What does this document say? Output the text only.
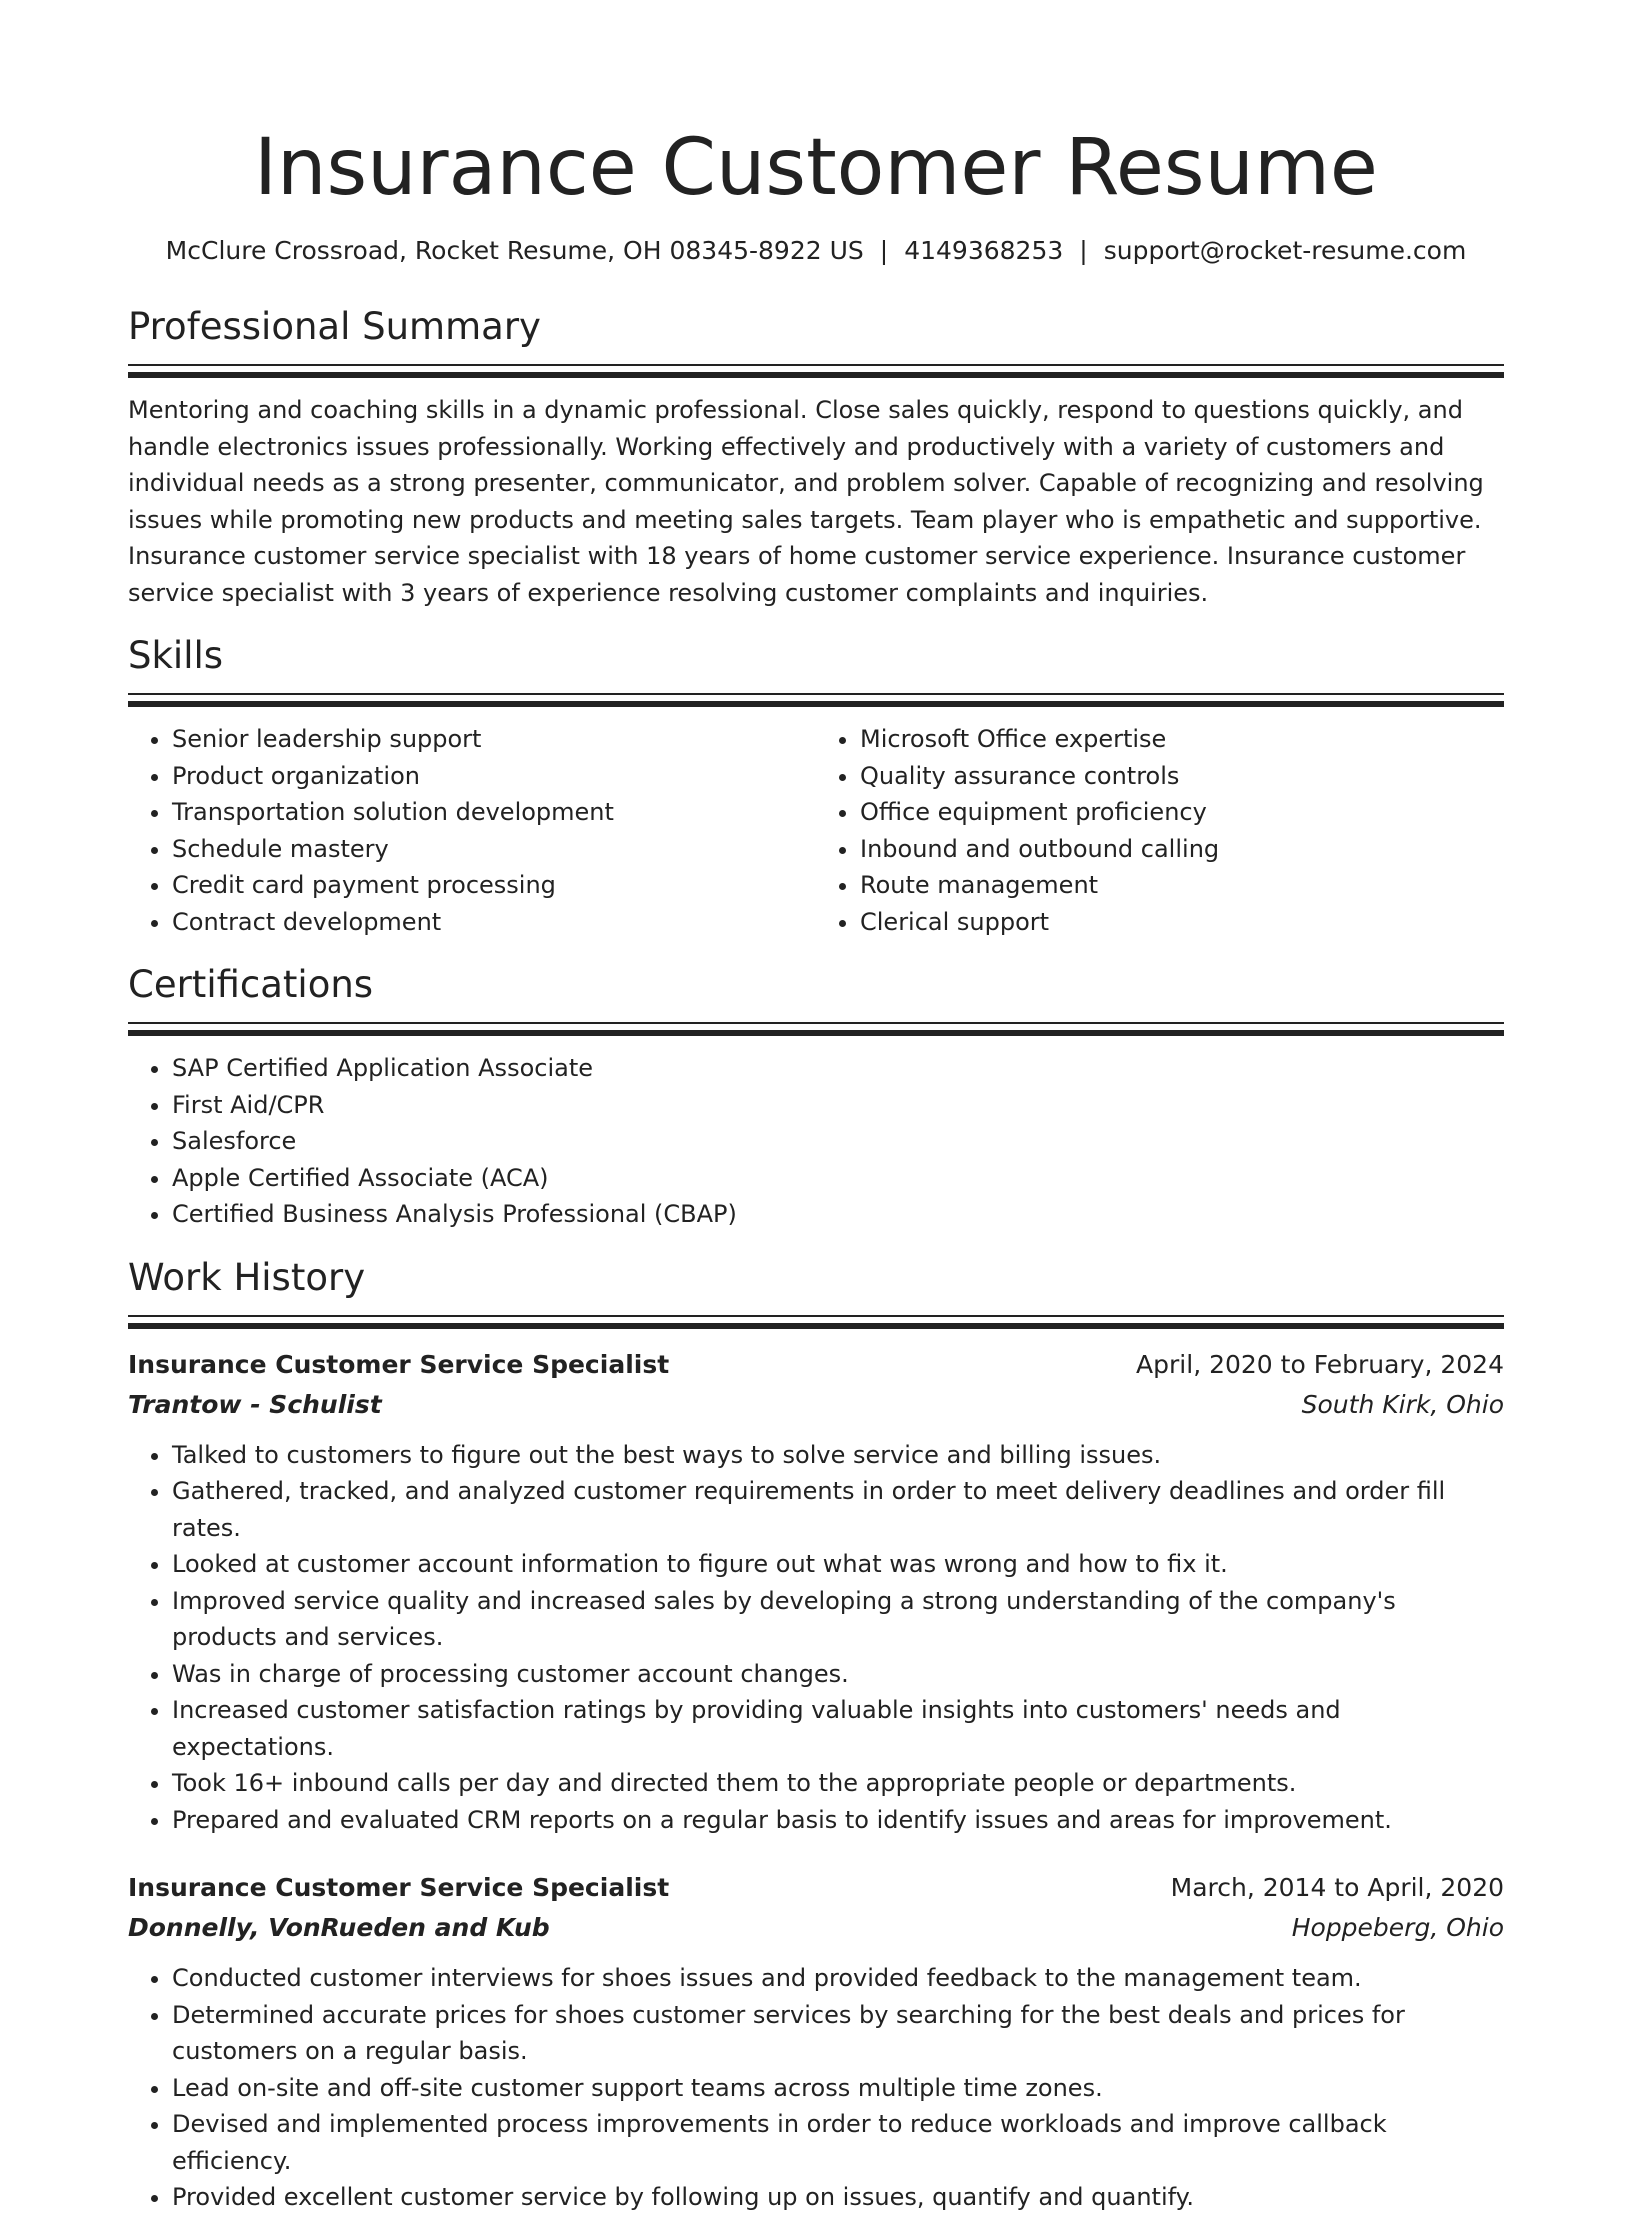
Insurance Customer Resume
McClure Crossroad, Rocket Resume, OH 08345-8922 US | 4149368253 | support@rocket-resume.com
Professional Summary
Mentoring and coaching skills in a dynamic professional. Close sales quickly, respond to questions quickly, and handle electronics issues professionally. Working effectively and productively with a variety of customers and individual needs as a strong presenter, communicator, and problem solver. Capable of recognizing and resolving issues while promoting new products and meeting sales targets. Team player who is empathetic and supportive. Insurance customer service specialist with 18 years of home customer service experience. Insurance customer service specialist with 3 years of experience resolving customer complaints and inquiries.
Skills
• Senior leadership support
• Product organization
• Transportation solution development
• Schedule mastery
• Credit card payment processing
• Contract development
• Microsoft Office expertise
• Quality assurance controls
• Office equipment proficiency
• Inbound and outbound calling
• Route management
• Clerical support
Certifications
• SAP Certified Application Associate
• First Aid/CPR
• Salesforce
• Apple Certified Associate (ACA)
• Certified Business Analysis Professional (CBAP)
Work History
Insurance Customer Service Specialist	April, 2020 to February, 2024
Trantow - Schulist	South Kirk, Ohio
• Talked to customers to figure out the best ways to solve service and billing issues.
• Gathered, tracked, and analyzed customer requirements in order to meet delivery deadlines and order fill rates.
• Looked at customer account information to figure out what was wrong and how to fix it.
• Improved service quality and increased sales by developing a strong understanding of the company's products and services.
• Was in charge of processing customer account changes.
• Increased customer satisfaction ratings by providing valuable insights into customers' needs and expectations.
• Took 16+ inbound calls per day and directed them to the appropriate people or departments.
• Prepared and evaluated CRM reports on a regular basis to identify issues and areas for improvement.
Insurance Customer Service Specialist	March, 2014 to April, 2020
Donnelly, VonRueden and Kub	Hoppeberg, Ohio
• Conducted customer interviews for shoes issues and provided feedback to the management team.
• Determined accurate prices for shoes customer services by searching for the best deals and prices for customers on a regular basis.
• Lead on-site and off-site customer support teams across multiple time zones.
• Devised and implemented process improvements in order to reduce workloads and improve callback efficiency.
• Provided excellent customer service by following up on issues, quantify and quantify.
